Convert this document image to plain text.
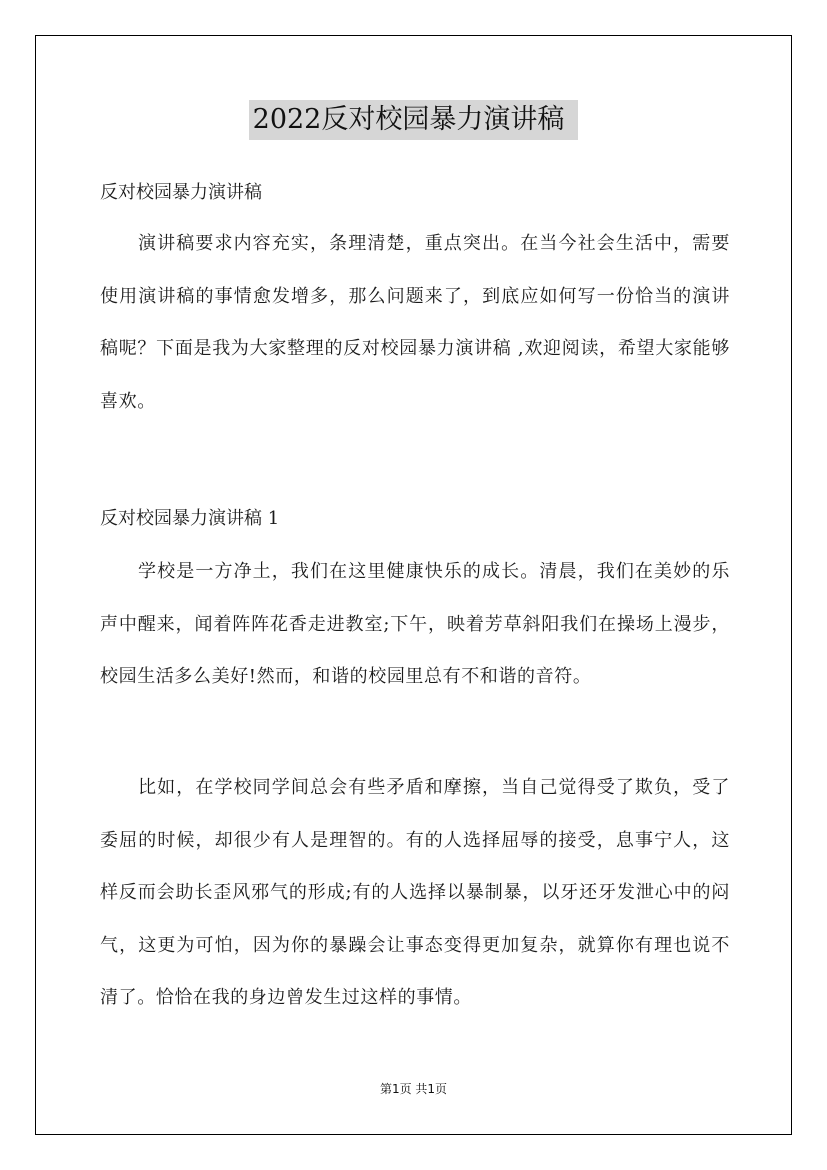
2022反对校园暴力演讲稿
反对校园暴力演讲稿

演讲稿要求内容充实，条理清楚，重点突出。在当今社会生活中，需要使用演讲稿的事情愈发增多，那么问题来了，到底应如何写一份恰当的演讲稿呢？下面是我为大家整理的反对校园暴力演讲稿 ,欢迎阅读，希望大家能够喜欢。

反对校园暴力演讲稿 1

学校是一方净土，我们在这里健康快乐的成长。清晨，我们在美妙的乐声中醒来，闻着阵阵花香走进教室;下午，映着芳草斜阳我们在操场上漫步，校园生活多么美好!然而，和谐的校园里总有不和谐的音符。

比如，在学校同学间总会有些矛盾和摩擦，当自己觉得受了欺负，受了委屈的时候，却很少有人是理智的。有的人选择屈辱的接受，息事宁人，这样反而会助长歪风邪气的形成;有的人选择以暴制暴，以牙还牙发泄心中的闷气，这更为可怕，因为你的暴躁会让事态变得更加复杂，就算你有理也说不清了。恰恰在我的身边曾发生过这样的事情。

第1页 共1页
